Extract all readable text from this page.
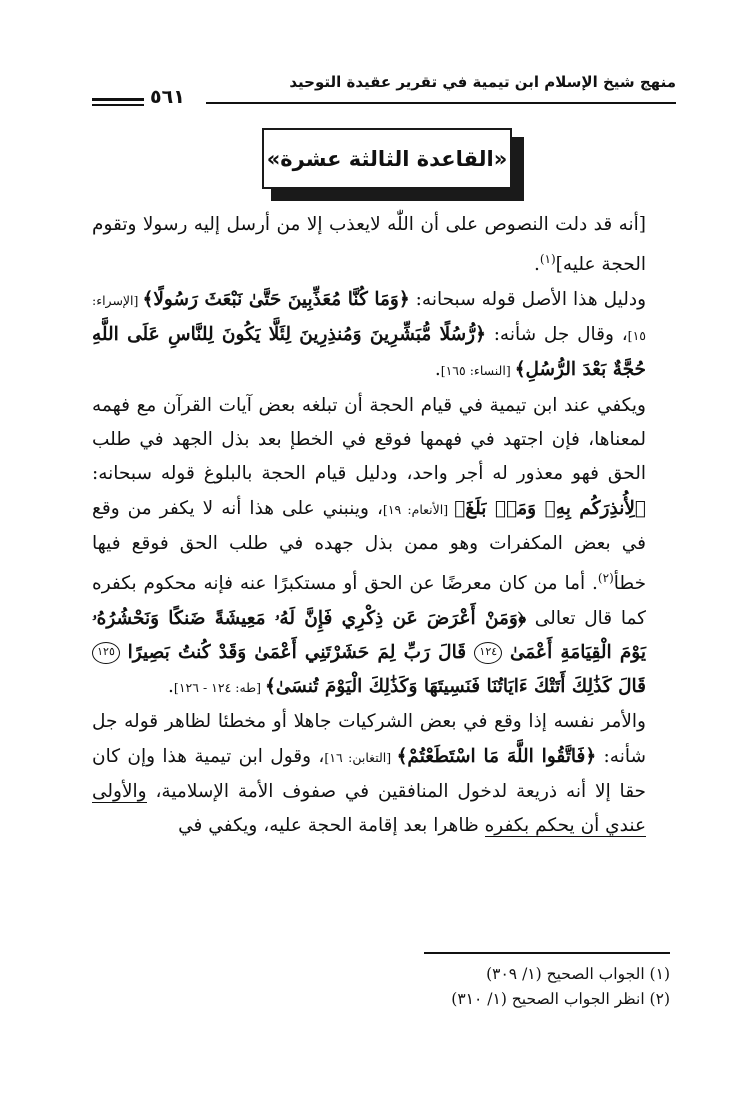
منهج شيخ الإسلام ابن تيمية في تقرير عقيدة التوحيد
٥٦١
«القاعدة الثالثة عشرة»

[أنه قد دلت النصوص على أن اللّٰه لايعذب إلا من أرسل إليه رسولا وتقوم الحجة عليه]$^{(١)}$.

ودليل هذا الأصل قوله سبحانه: ﴿وَمَا كُنَّا مُعَذِّبِينَ حَتَّىٰ نَبْعَثَ رَسُولًا﴾ [الإسراء: ١٥]، وقال جل شأنه: ﴿رُّسُلًا مُّبَشِّرِينَ وَمُنذِرِينَ لِئَلَّا يَكُونَ لِلنَّاسِ عَلَى اللَّهِ حُجَّةٌ بَعْدَ الرُّسُلِ﴾ [النساء: ١٦٥].

ويكفي عند ابن تيمية في قيام الحجة أن تبلغه بعض آيات القرآن مع فهمه لمعناها، فإن اجتهد في فهمها فوقع في الخطإ بعد بذل الجهد في طلب الحق فهو معذور له أجر واحد، ودليل قيام الحجة بالبلوغ قوله سبحانه: ﴿لِأُنذِرَكُم بِهِۦ وَمَنۢ بَلَغَ﴾ [الأنعام: ١٩]، وينبني على هذا أنه لا يكفر من وقع في بعض المكفرات وهو ممن بذل جهده في طلب الحق فوقع فيها خطأ$^{(٢)}$. أما من كان معرضًا عن الحق أو مستكبرًا عنه فإنه محكوم بكفره كما قال تعالى ﴿وَمَنْ أَعْرَضَ عَن ذِكْرِي فَإِنَّ لَهُۥ مَعِيشَةً ضَنكًا وَنَحْشُرُهُۥ يَوْمَ الْقِيَامَةِ أَعْمَىٰ ١٢٤ قَالَ رَبِّ لِمَ حَشَرْتَنِي أَعْمَىٰ وَقَدْ كُنتُ بَصِيرًا ١٢٥ قَالَ كَذَٰلِكَ أَتَتْكَ ءَايَاتُنَا فَنَسِيتَهَا وَكَذَٰلِكَ الْيَوْمَ تُنسَىٰ﴾ [طه: ١٢٤ - ١٢٦].

والأمر نفسه إذا وقع في بعض الشركيات جاهلا أو مخطئا لظاهر قوله جل شأنه: ﴿فَاتَّقُوا اللَّهَ مَا اسْتَطَعْتُمْ﴾ [التغابن: ١٦]، وقول ابن تيمية هذا وإن كان حقا إلا أنه ذريعة لدخول المنافقين في صفوف الأمة الإسلامية، والأولى عندي أن يحكم بكفره ظاهرا بعد إقامة الحجة عليه، ويكفي في

(١) الجواب الصحيح (١/ ٣٠٩)
(٢) انظر الجواب الصحيح (١/ ٣١٠)
